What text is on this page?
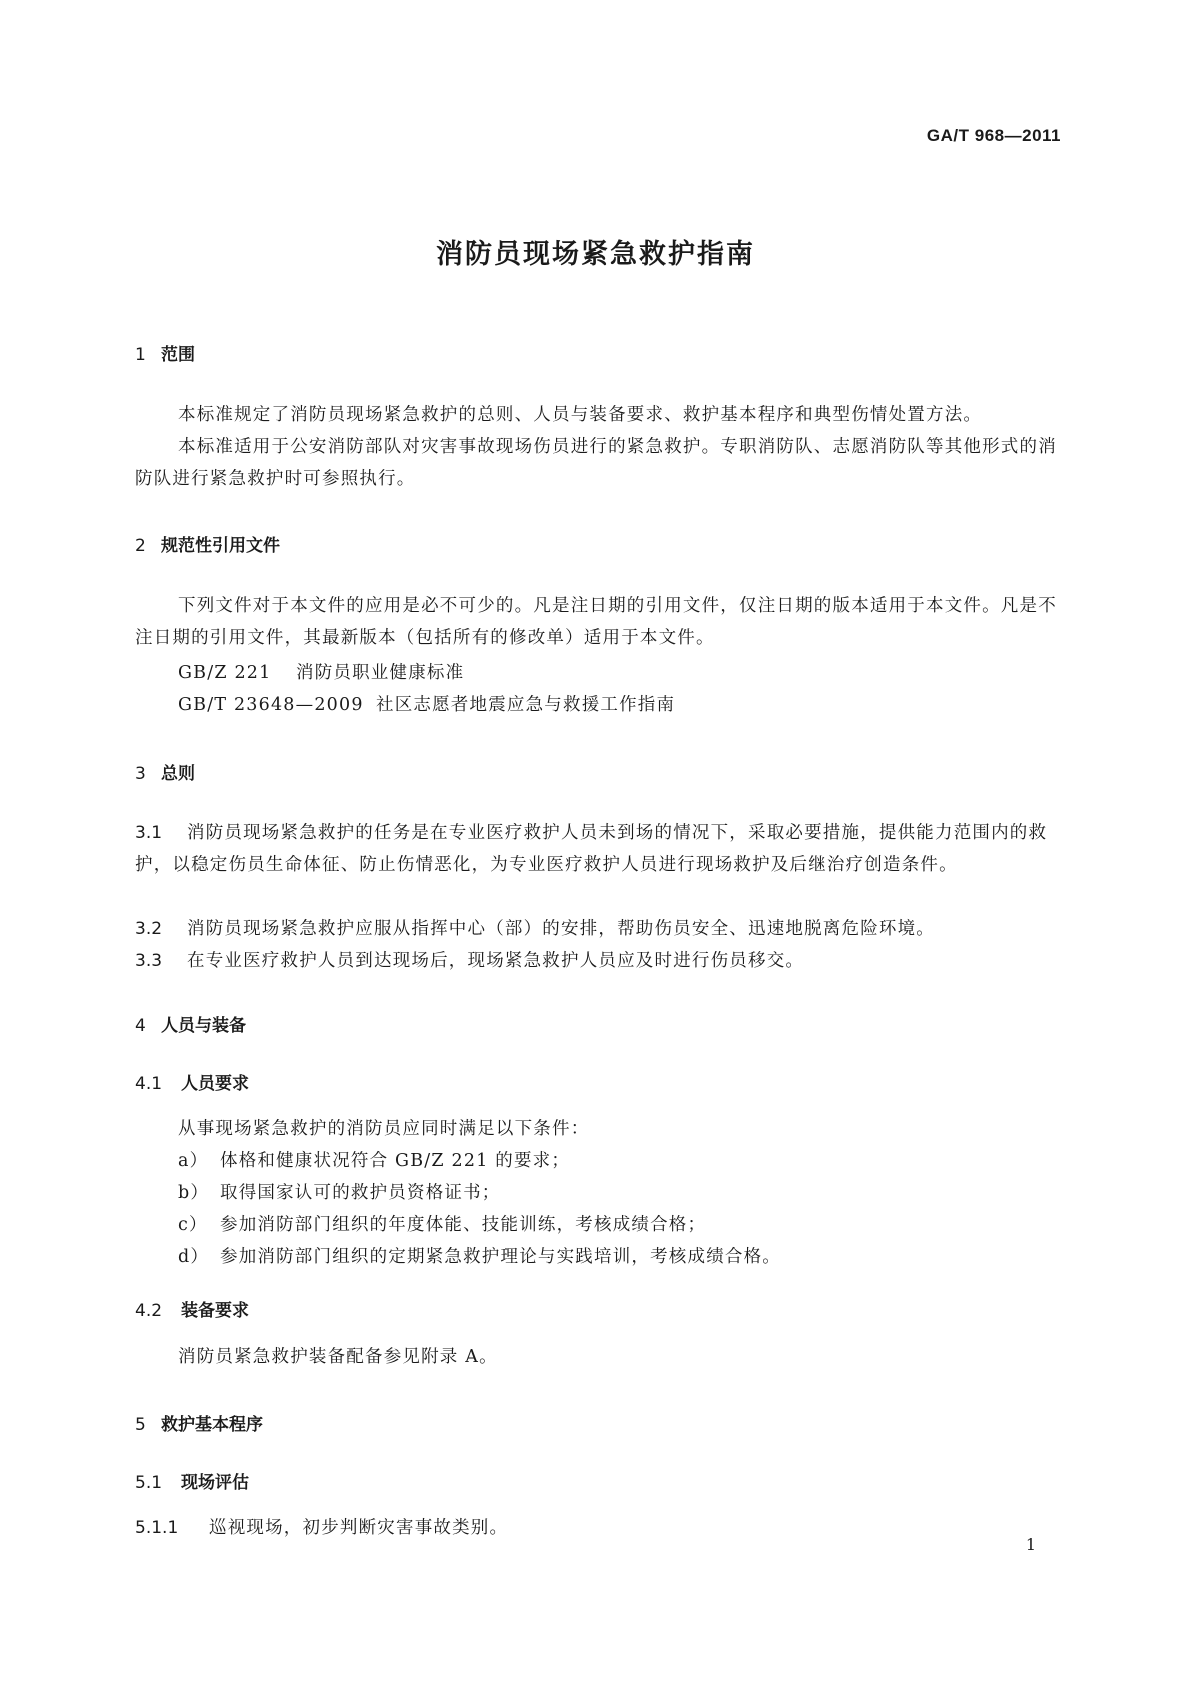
GA/T 968—2011
消防员现场紧急救护指南
1 范围
本标准规定了消防员现场紧急救护的总则、人员与装备要求、救护基本程序和典型伤情处置方法。
本标准适用于公安消防部队对灾害事故现场伤员进行的紧急救护。专职消防队、志愿消防队等其他形式的消防队进行紧急救护时可参照执行。
2 规范性引用文件
下列文件对于本文件的应用是必不可少的。凡是注日期的引用文件，仅注日期的版本适用于本文件。凡是不注日期的引用文件，其最新版本（包括所有的修改单）适用于本文件。
GB/Z 221 消防员职业健康标准
GB/T 23648—2009 社区志愿者地震应急与救援工作指南
3 总则
3.1 消防员现场紧急救护的任务是在专业医疗救护人员未到场的情况下，采取必要措施，提供能力范围内的救护，以稳定伤员生命体征、防止伤情恶化，为专业医疗救护人员进行现场救护及后继治疗创造条件。
3.2 消防员现场紧急救护应服从指挥中心（部）的安排，帮助伤员安全、迅速地脱离危险环境。
3.3 在专业医疗救护人员到达现场后，现场紧急救护人员应及时进行伤员移交。
4 人员与装备
4.1 人员要求
从事现场紧急救护的消防员应同时满足以下条件：
a） 体格和健康状况符合 GB/Z 221 的要求；
b） 取得国家认可的救护员资格证书；
c） 参加消防部门组织的年度体能、技能训练，考核成绩合格；
d） 参加消防部门组织的定期紧急救护理论与实践培训，考核成绩合格。
4.2 装备要求
消防员紧急救护装备配备参见附录 A。
5 救护基本程序
5.1 现场评估
5.1.1 巡视现场，初步判断灾害事故类别。
1
